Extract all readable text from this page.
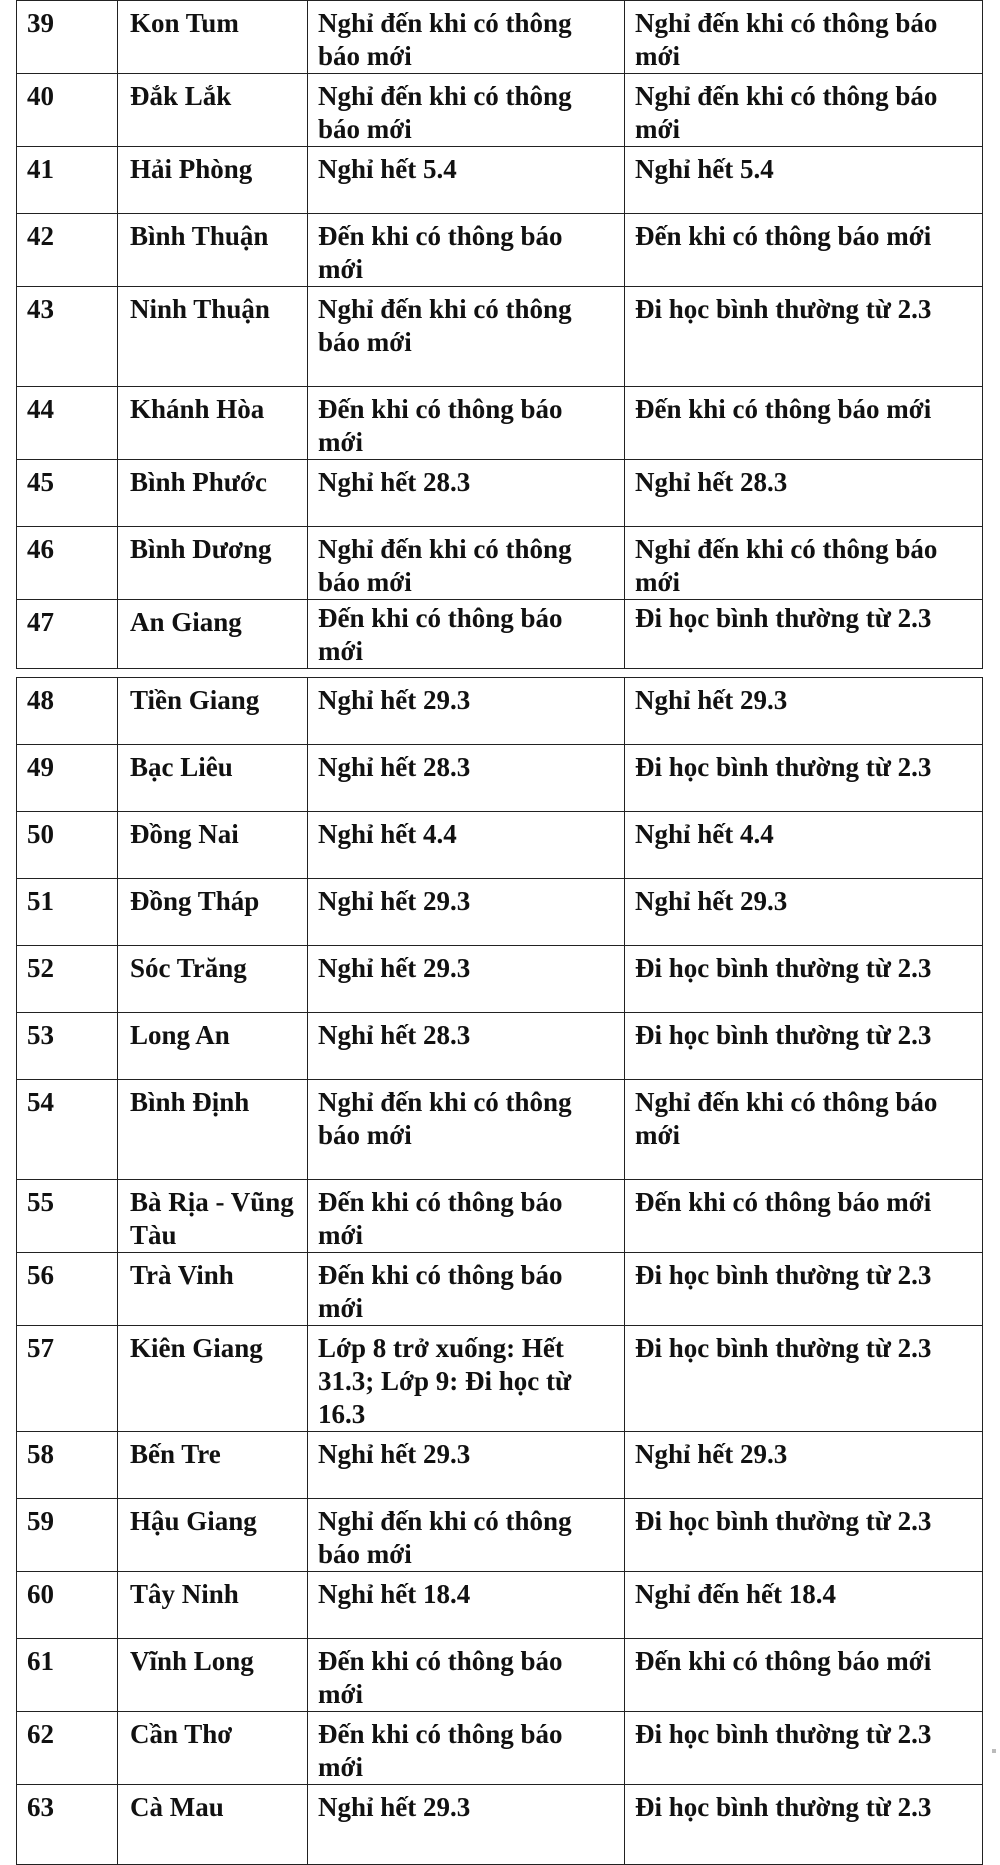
39	Kon Tum	Nghỉ đến khi có thông báo mới	Nghỉ đến khi có thông báo mới
40	Đắk Lắk	Nghỉ đến khi có thông báo mới	Nghỉ đến khi có thông báo mới
41	Hải Phòng	Nghỉ hết 5.4	Nghỉ hết 5.4
42	Bình Thuận	Đến khi có thông báo mới	Đến khi có thông báo mới
43	Ninh Thuận	Nghỉ đến khi có thông báo mới	Đi học bình thường từ 2.3
44	Khánh Hòa	Đến khi có thông báo mới	Đến khi có thông báo mới
45	Bình Phước	Nghỉ hết 28.3	Nghỉ hết 28.3
46	Bình Dương	Nghỉ đến khi có thông báo mới	Nghỉ đến khi có thông báo mới
47	An Giang	Đến khi có thông báo mới	Đi học bình thường từ 2.3
48	Tiền Giang	Nghỉ hết 29.3	Nghỉ hết 29.3
49	Bạc Liêu	Nghỉ hết 28.3	Đi học bình thường từ 2.3
50	Đồng Nai	Nghỉ hết 4.4	Nghỉ hết 4.4
51	Đồng Tháp	Nghỉ hết 29.3	Nghỉ hết 29.3
52	Sóc Trăng	Nghỉ hết 29.3	Đi học bình thường từ 2.3
53	Long An	Nghỉ hết 28.3	Đi học bình thường từ 2.3
54	Bình Định	Nghỉ đến khi có thông báo mới	Nghỉ đến khi có thông báo mới
55	Bà Rịa - Vũng Tàu	Đến khi có thông báo mới	Đến khi có thông báo mới
56	Trà Vinh	Đến khi có thông báo mới	Đi học bình thường từ 2.3
57	Kiên Giang	Lớp 8 trở xuống: Hết 31.3; Lớp 9: Đi học từ 16.3	Đi học bình thường từ 2.3
58	Bến Tre	Nghỉ hết 29.3	Nghỉ hết 29.3
59	Hậu Giang	Nghỉ đến khi có thông báo mới	Đi học bình thường từ 2.3
60	Tây Ninh	Nghỉ hết 18.4	Nghỉ đến hết 18.4
61	Vĩnh Long	Đến khi có thông báo mới	Đến khi có thông báo mới
62	Cần Thơ	Đến khi có thông báo mới	Đi học bình thường từ 2.3
63	Cà Mau	Nghỉ hết 29.3	Đi học bình thường từ 2.3
